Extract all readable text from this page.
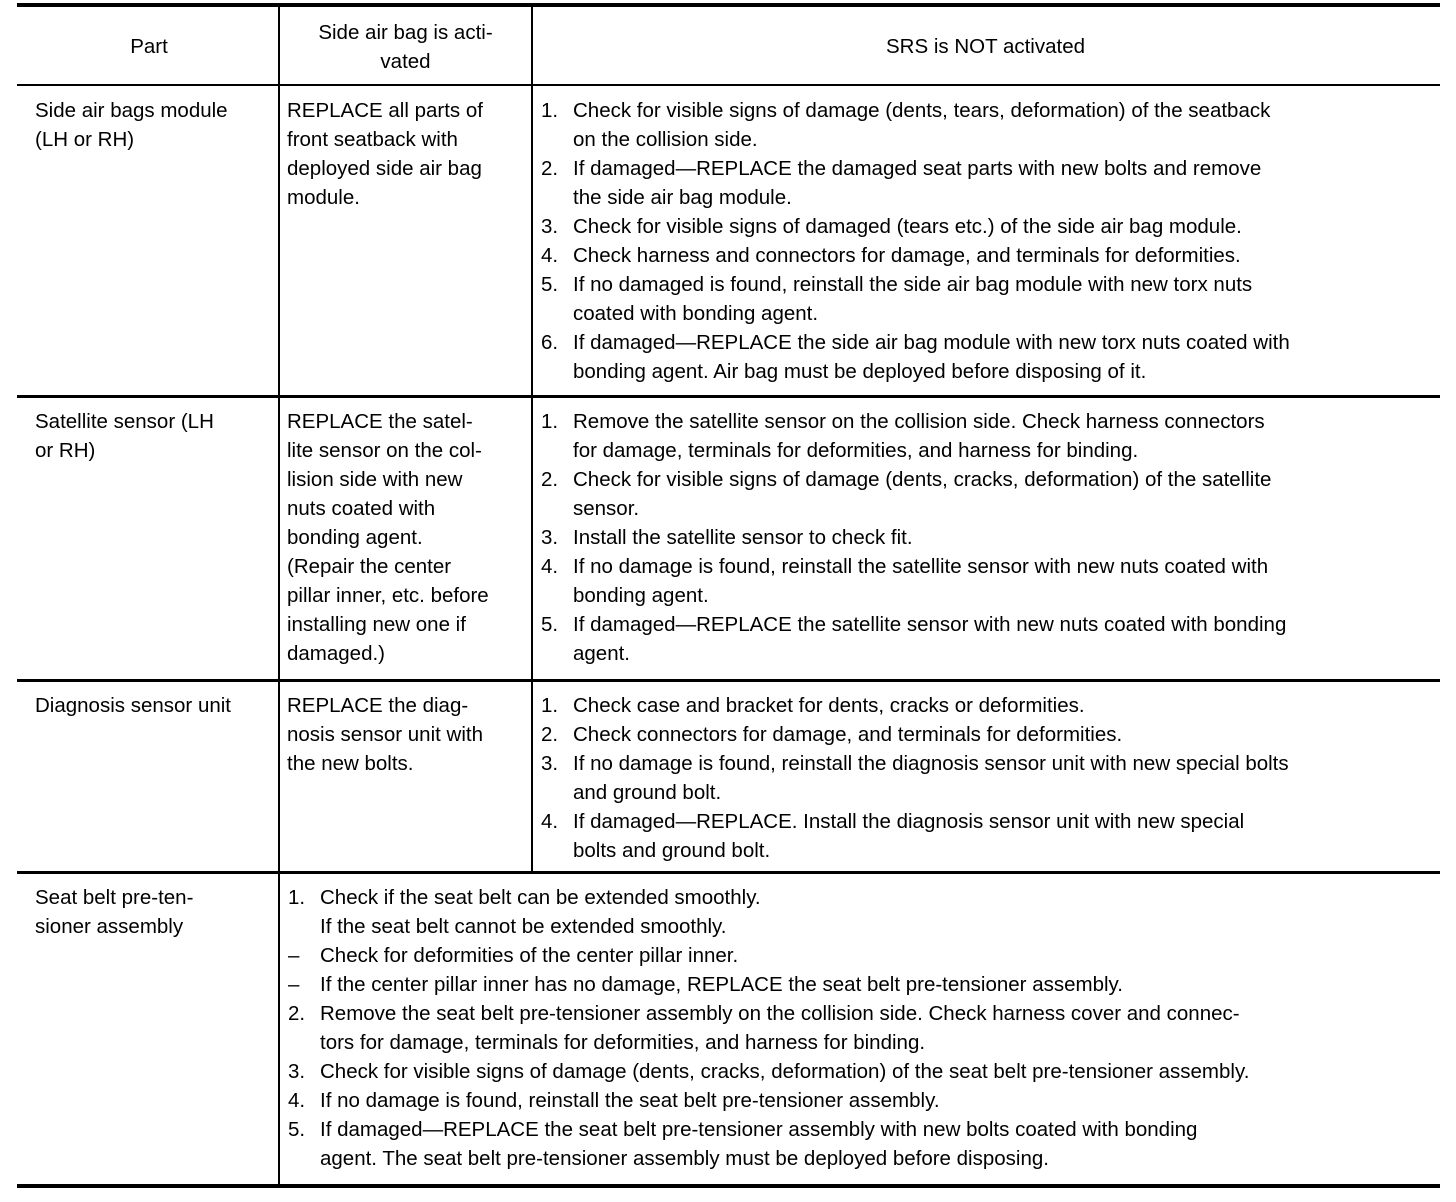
Part
Side air bag is acti-
vated
SRS is NOT activated
Side air bags module
(LH or RH)
REPLACE all parts of
front seatback with
deployed side air bag
module.
1. Check for visible signs of damage (dents, tears, deformation) of the seatback
on the collision side.
2. If damaged—REPLACE the damaged seat parts with new bolts and remove
the side air bag module.
3. Check for visible signs of damaged (tears etc.) of the side air bag module.
4. Check harness and connectors for damage, and terminals for deformities.
5. If no damaged is found, reinstall the side air bag module with new torx nuts
coated with bonding agent.
6. If damaged—REPLACE the side air bag module with new torx nuts coated with
bonding agent. Air bag must be deployed before disposing of it.
Satellite sensor (LH
or RH)
REPLACE the satel-
lite sensor on the col-
lision side with new
nuts coated with
bonding agent.
(Repair the center
pillar inner, etc. before
installing new one if
damaged.)
1. Remove the satellite sensor on the collision side. Check harness connectors
for damage, terminals for deformities, and harness for binding.
2. Check for visible signs of damage (dents, cracks, deformation) of the satellite
sensor.
3. Install the satellite sensor to check fit.
4. If no damage is found, reinstall the satellite sensor with new nuts coated with
bonding agent.
5. If damaged—REPLACE the satellite sensor with new nuts coated with bonding
agent.
Diagnosis sensor unit	REPLACE the diag-
nosis sensor unit with
the new bolts.
1. Check case and bracket for dents, cracks or deformities.
2. Check connectors for damage, and terminals for deformities.
3. If no damage is found, reinstall the diagnosis sensor unit with new special bolts
and ground bolt.
4. If damaged—REPLACE. Install the diagnosis sensor unit with new special
bolts and ground bolt.
Seat belt pre-ten-
sioner assembly
1. Check if the seat belt can be extended smoothly.
If the seat belt cannot be extended smoothly.
– Check for deformities of the center pillar inner.
– If the center pillar inner has no damage, REPLACE the seat belt pre-tensioner assembly.
2. Remove the seat belt pre-tensioner assembly on the collision side. Check harness cover and connec-
tors for damage, terminals for deformities, and harness for binding.
3. Check for visible signs of damage (dents, cracks, deformation) of the seat belt pre-tensioner assembly.
4. If no damage is found, reinstall the seat belt pre-tensioner assembly.
5. If damaged—REPLACE the seat belt pre-tensioner assembly with new bolts coated with bonding
agent. The seat belt pre-tensioner assembly must be deployed before disposing.
